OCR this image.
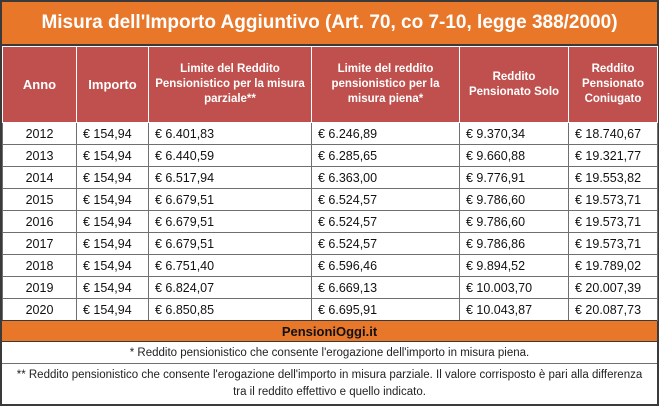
Misura dell'Importo Aggiuntivo (Art. 70, co 7-10, legge 388/2000)
Anno	Importo	Limite del Reddito Pensionistico per la misura parziale**	Limite del reddito pensionistico per la misura piena*	Reddito Pensionato Solo	Reddito Pensionato Coniugato
2012	€ 154,94	€ 6.401,83	€ 6.246,89	€ 9.370,34	€ 18.740,67
2013	€ 154,94	€ 6.440,59	€ 6.285,65	€ 9.660,88	€ 19.321,77
2014	€ 154,94	€ 6.517,94	€ 6.363,00	€ 9.776,91	€ 19.553,82
2015	€ 154,94	€ 6.679,51	€ 6.524,57	€ 9.786,60	€ 19.573,71
2016	€ 154,94	€ 6.679,51	€ 6.524,57	€ 9.786,60	€ 19.573,71
2017	€ 154,94	€ 6.679,51	€ 6.524,57	€ 9.786,86	€ 19.573,71
2018	€ 154,94	€ 6.751,40	€ 6.596,46	€ 9.894,52	€ 19.789,02
2019	€ 154,94	€ 6.824,07	€ 6.669,13	€ 10.003,70	€ 20.007,39
2020	€ 154,94	€ 6.850,85	€ 6.695,91	€ 10.043,87	€ 20.087,73
PensioniOggi.it
* Reddito pensionistico che consente l'erogazione dell'importo in misura piena.
** Reddito pensionistico che consente l'erogazione dell'importo in misura parziale. Il valore corrisposto è pari alla differenza tra il reddito effettivo e quello indicato.
